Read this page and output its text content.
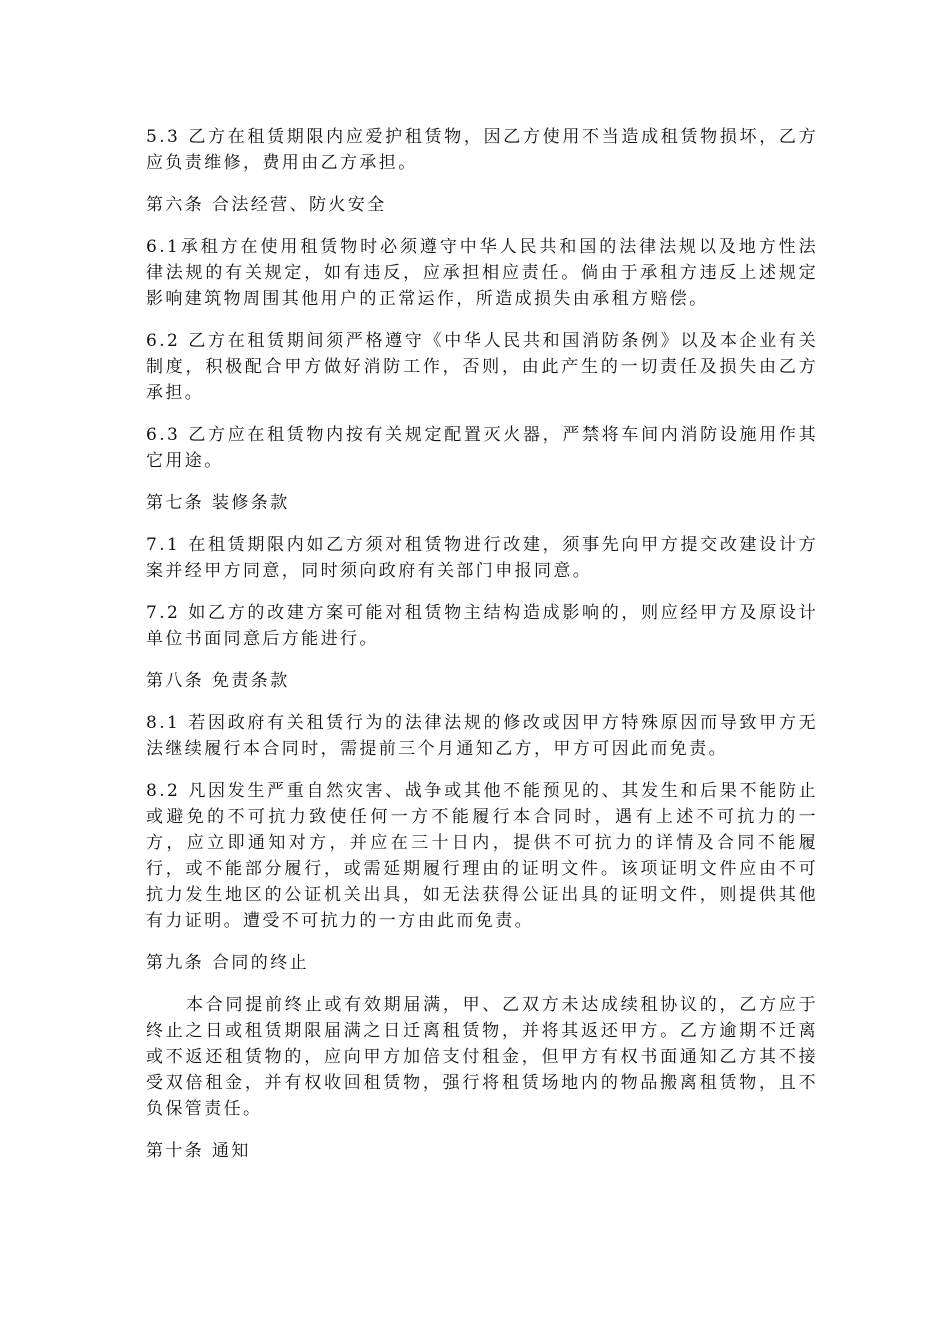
5.3 乙方在租赁期限内应爱护租赁物，因乙方使用不当造成租赁物损坏，乙方应负责维修，费用由乙方承担。

第六条 合法经营、防火安全

6.1承租方在使用租赁物时必须遵守中华人民共和国的法律法规以及地方性法律法规的有关规定，如有违反，应承担相应责任。倘由于承租方违反上述规定影响建筑物周围其他用户的正常运作，所造成损失由承租方赔偿。

6.2 乙方在租赁期间须严格遵守《中华人民共和国消防条例》以及本企业有关制度，积极配合甲方做好消防工作，否则，由此产生的一切责任及损失由乙方承担。

6.3 乙方应在租赁物内按有关规定配置灭火器，严禁将车间内消防设施用作其它用途。

第七条 装修条款

7.1 在租赁期限内如乙方须对租赁物进行改建，须事先向甲方提交改建设计方案并经甲方同意，同时须向政府有关部门申报同意。

7.2 如乙方的改建方案可能对租赁物主结构造成影响的，则应经甲方及原设计单位书面同意后方能进行。

第八条 免责条款

8.1 若因政府有关租赁行为的法律法规的修改或因甲方特殊原因而导致甲方无法继续履行本合同时，需提前三个月通知乙方，甲方可因此而免责。

8.2 凡因发生严重自然灾害、战争或其他不能预见的、其发生和后果不能防止或避免的不可抗力致使任何一方不能履行本合同时，遇有上述不可抗力的一方，应立即通知对方，并应在三十日内，提供不可抗力的详情及合同不能履行，或不能部分履行，或需延期履行理由的证明文件。该项证明文件应由不可抗力发生地区的公证机关出具，如无法获得公证出具的证明文件，则提供其他有力证明。遭受不可抗力的一方由此而免责。

第九条 合同的终止

本合同提前终止或有效期届满，甲、乙双方未达成续租协议的，乙方应于终止之日或租赁期限届满之日迁离租赁物，并将其返还甲方。乙方逾期不迁离或不返还租赁物的，应向甲方加倍支付租金，但甲方有权书面通知乙方其不接受双倍租金，并有权收回租赁物，强行将租赁场地内的物品搬离租赁物，且不负保管责任。

第十条 通知
